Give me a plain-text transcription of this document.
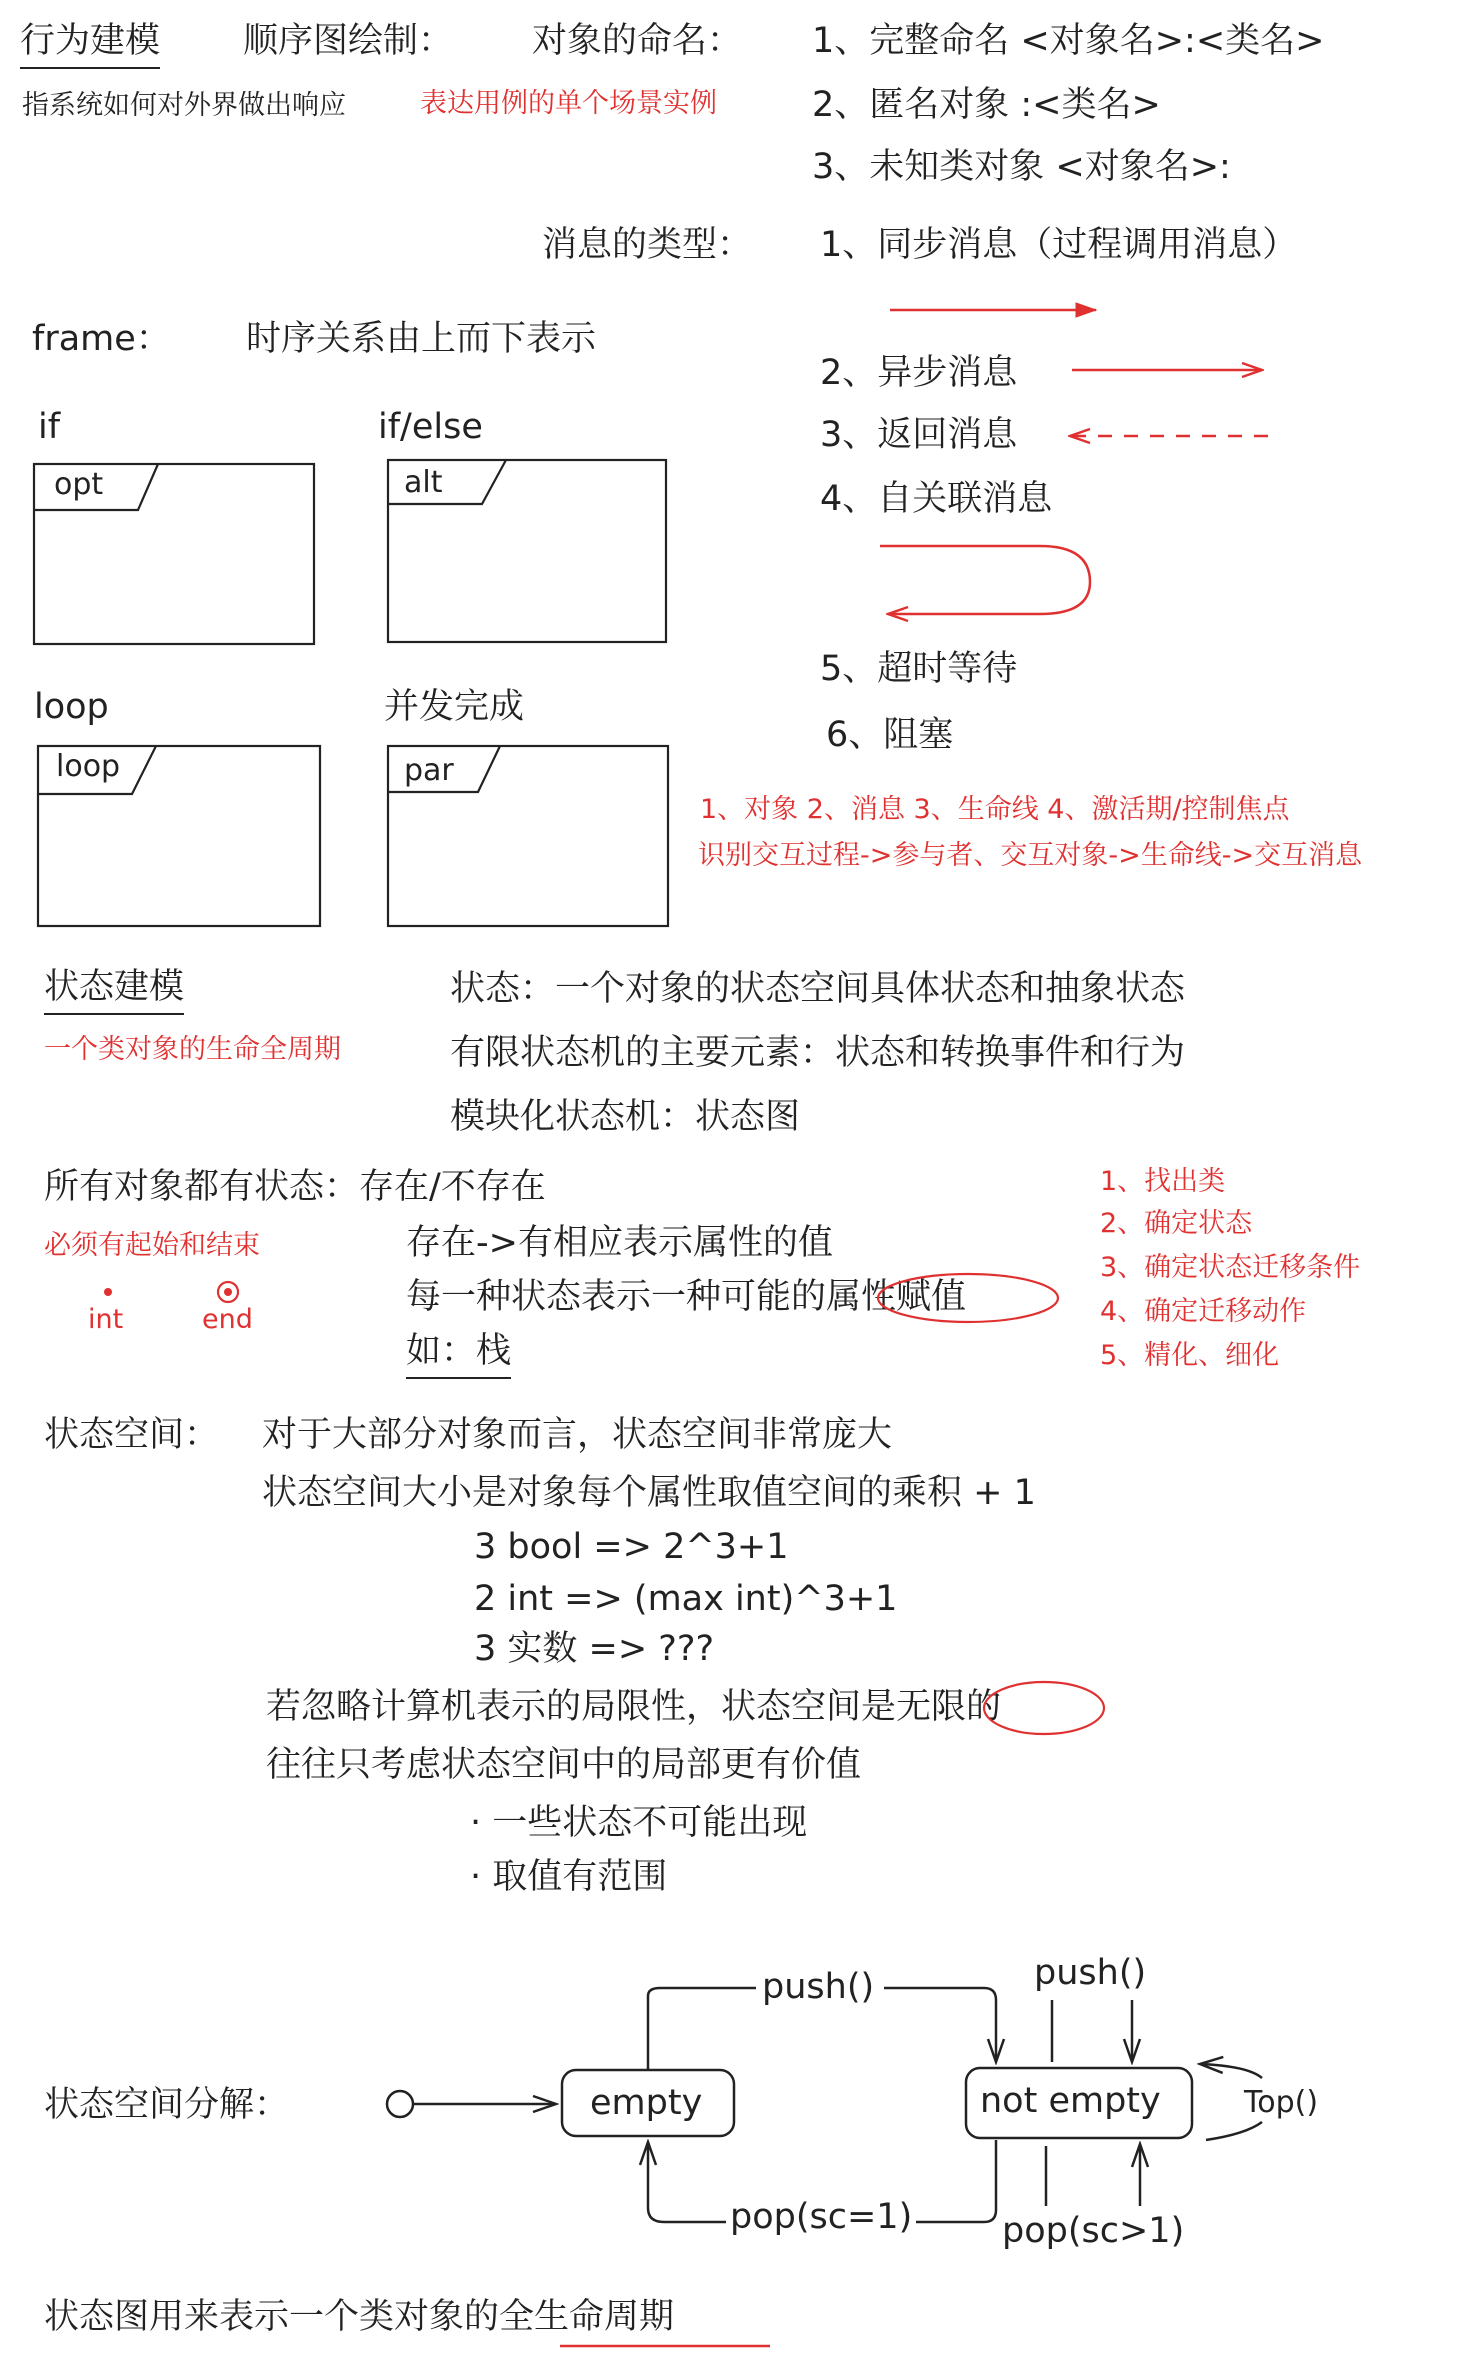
行为建模
指系统如何对外界做出响应
顺序图绘制：
表达用例的单个场景实例
对象的命名： 1、完整命名 <对象名>:<类名>
2、匿名对象 :<类名>
3、未知类对象 <对象名>:
消息的类型： 1、同步消息（过程调用消息）
2、异步消息
3、返回消息
4、自关联消息
5、超时等待
6、阻塞
frame： 时序关系由上而下表示
if	if/else
loop	并发完成
opt	alt
loop	par
1、对象 2、消息 3、生命线 4、激活期/控制焦点
识别交互过程->参与者、交互对象->生命线->交互消息
状态建模
一个类对象的生命全周期
状态：一个对象的状态空间具体状态和抽象状态
有限状态机的主要元素：状态和转换事件和行为
模块化状态机：状态图
所有对象都有状态：存在/不存在
必须有起始和结束
int	end
存在->有相应表示属性的值
每一种状态表示一种可能的属性赋值
如：栈
1、找出类
2、确定状态
3、确定状态迁移条件
4、确定迁移动作
5、精化、细化
状态空间： 对于大部分对象而言，状态空间非常庞大
状态空间大小是对象每个属性取值空间的乘积 + 1
3 bool => 2^3+1
2 int => (max int)^3+1
3 实数 => ???
若忽略计算机表示的局限性，状态空间是无限的
往往只考虑状态空间中的局部更有价值
· 一些状态不可能出现
· 取值有范围
状态空间分解：	empty	not empty
push()	push()
pop(sc=1)	pop(sc>1)
Top()
状态图用来表示一个类对象的全生命周期
